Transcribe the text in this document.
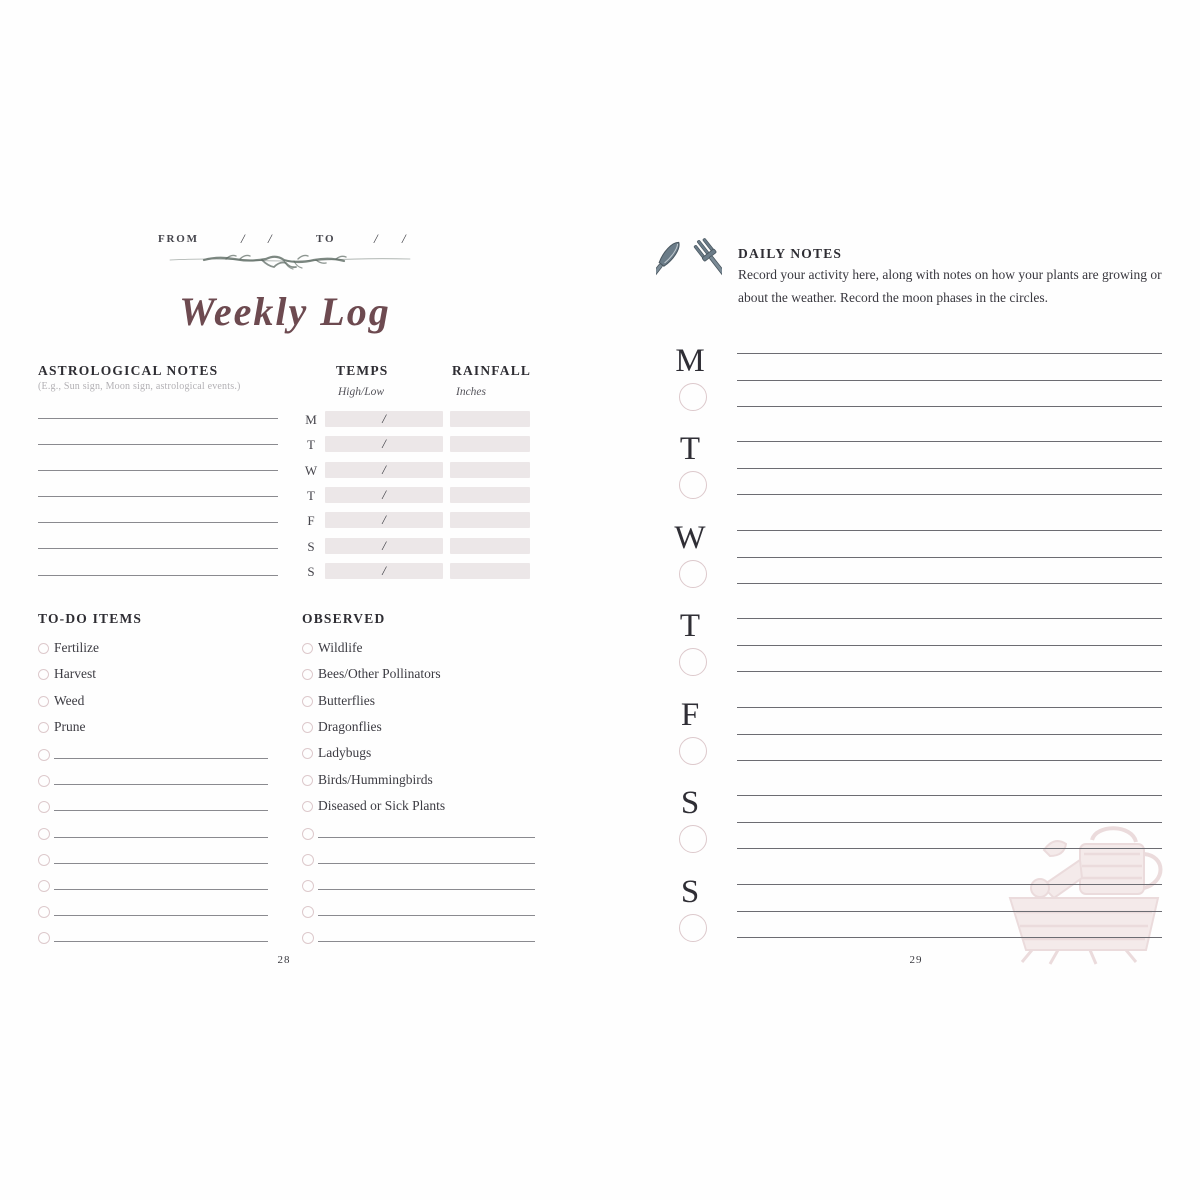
FROM	/ /	TO	/ /
Weekly Log
ASTROLOGICAL NOTES
(E.g., Sun sign, Moon sign, astrological events.)
TEMPS
High/Low
RAINFALL
Inches
M	/
T	/
W	/
T	/
F	/
S	/
S	/
TO-DO ITEMS
Fertilize
Harvest
Weed
Prune
OBSERVED
Wildlife
Bees/Other Pollinators
Butterflies
Dragonflies
Ladybugs
Birds/Hummingbirds
Diseased or Sick Plants
28
DAILY NOTES
Record your activity here, along with notes on how your plants are growing or about the weather. Record the moon phases in the circles.
M
T
W
T
F
S
S
29
